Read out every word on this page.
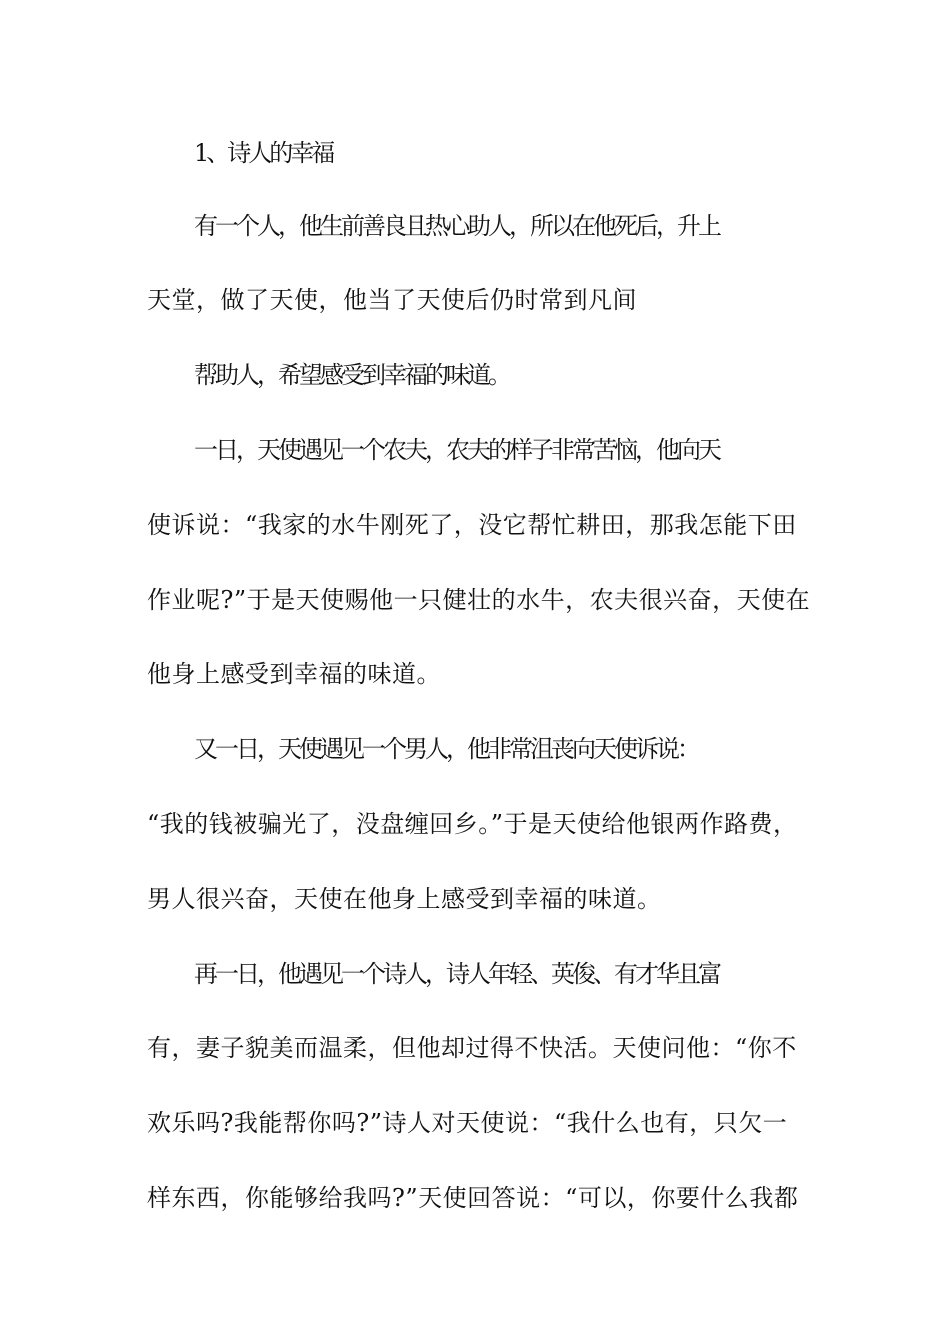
1、诗人的幸福
有一个人，他生前善良且热心助人，所以在他死后，升上
天堂，做了天使，他当了天使后仍时常到凡间
帮助人，希望感受到幸福的味道。
一日，天使遇见一个农夫，农夫的样子非常苦恼，他向天
使诉说：“我家的水牛刚死了，没它帮忙耕田，那我怎能下田
作业呢?”于是天使赐他一只健壮的水牛，农夫很兴奋，天使在
他身上感受到幸福的味道。
又一日，天使遇见一个男人，他非常沮丧向天使诉说：
“我的钱被骗光了，没盘缠回乡。”于是天使给他银两作路费，
男人很兴奋，天使在他身上感受到幸福的味道。
再一日，他遇见一个诗人，诗人年轻、英俊、有才华且富
有，妻子貌美而温柔，但他却过得不快活。天使问他：“你不
欢乐吗?我能帮你吗?”诗人对天使说：“我什么也有，只欠一
样东西，你能够给我吗?”天使回答说：“可以，你要什么我都
